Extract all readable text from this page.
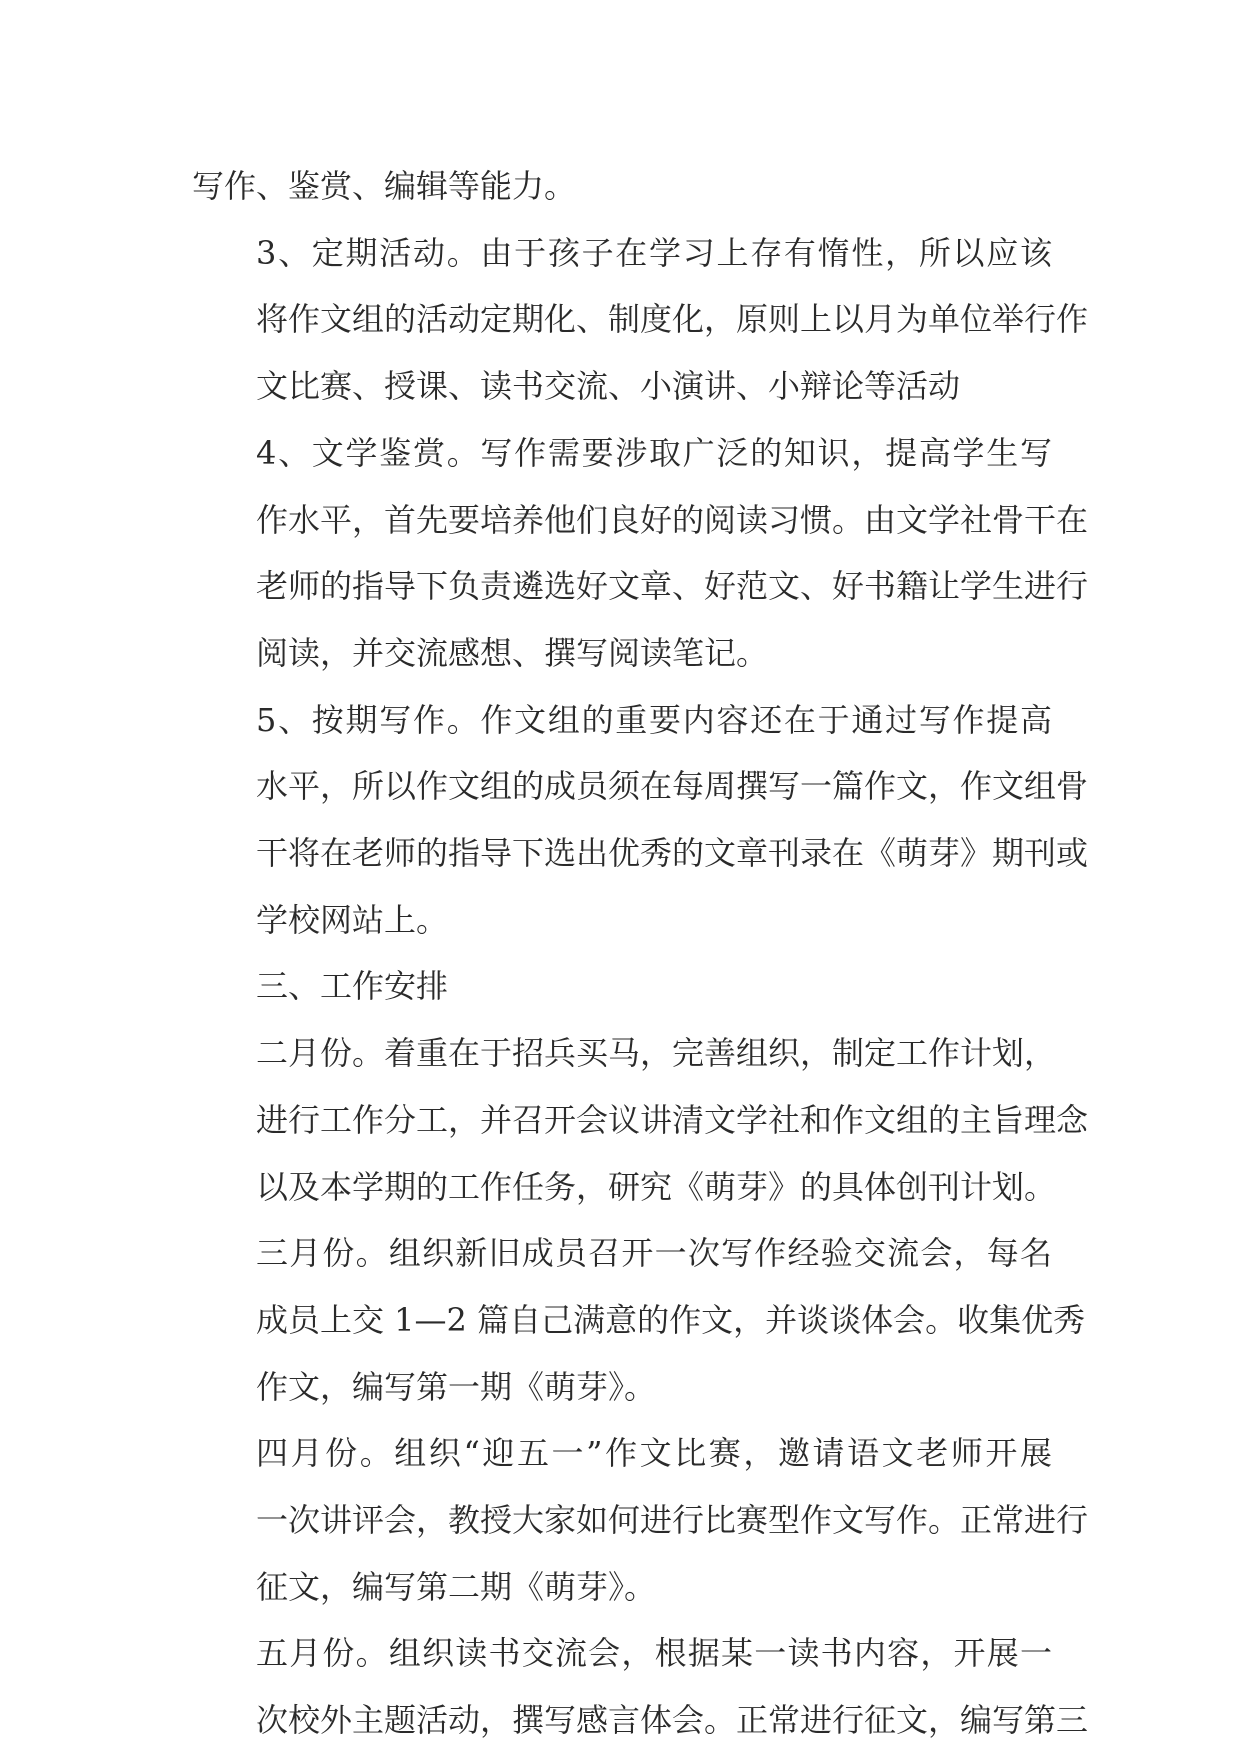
写作、鉴赏、编辑等能力。

3、定期活动。由于孩子在学习上存有惰性，所以应该
将作文组的活动定期化、制度化，原则上以月为单位举行作
文比赛、授课、读书交流、小演讲、小辩论等活动

4、文学鉴赏。写作需要涉取广泛的知识，提高学生写
作水平，首先要培养他们良好的阅读习惯。由文学社骨干在
老师的指导下负责遴选好文章、好范文、好书籍让学生进行
阅读，并交流感想、撰写阅读笔记。

5、按期写作。作文组的重要内容还在于通过写作提高
水平，所以作文组的成员须在每周撰写一篇作文，作文组骨
干将在老师的指导下选出优秀的文章刊录在《萌芽》期刊或
学校网站上。

三、工作安排

二月份。着重在于招兵买马，完善组织，制定工作计划，
进行工作分工，并召开会议讲清文学社和作文组的主旨理念
以及本学期的工作任务，研究《萌芽》的具体创刊计划。

三月份。组织新旧成员召开一次写作经验交流会，每名
成员上交 1—2 篇自己满意的作文，并谈谈体会。收集优秀
作文，编写第一期《萌芽》。

四月份。组织“迎五一”作文比赛，邀请语文老师开展
一次讲评会，教授大家如何进行比赛型作文写作。正常进行
征文，编写第二期《萌芽》。

五月份。组织读书交流会，根据某一读书内容，开展一
次校外主题活动，撰写感言体会。正常进行征文，编写第三
